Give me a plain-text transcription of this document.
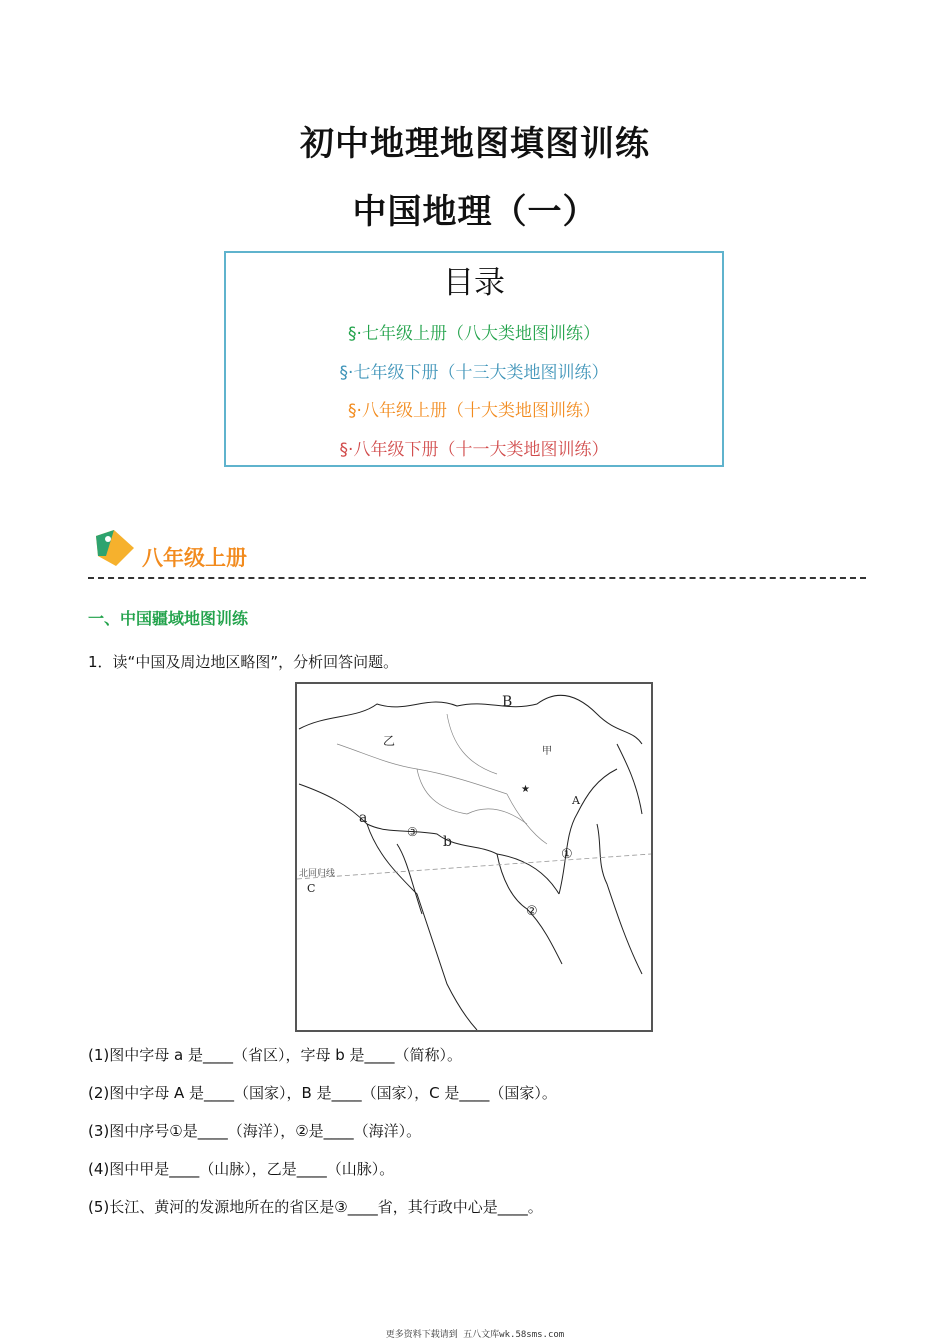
初中地理地图填图训练
中国地理（一）
目录
§·七年级上册（八大类地图训练）
§·七年级下册（十三大类地图训练）
§·八年级上册（十大类地图训练）
§·八年级下册（十一大类地图训练）
八年级上册
一、中国疆域地图训练
1．读“中国及周边地区略图”，分析回答问题。
B
A
C
a
b
乙
甲
★
①
②
③
北回归线
(1)图中字母 a 是____（省区），字母 b 是____（简称）。
(2)图中字母 A 是____（国家），B 是____（国家），C 是____（国家）。
(3)图中序号①是____（海洋），②是____（海洋）。
(4)图中甲是____（山脉），乙是____（山脉）。
(5)长江、黄河的发源地所在的省区是③____省，其行政中心是____。
更多资料下载请到 五八文库wk.58sms.com
